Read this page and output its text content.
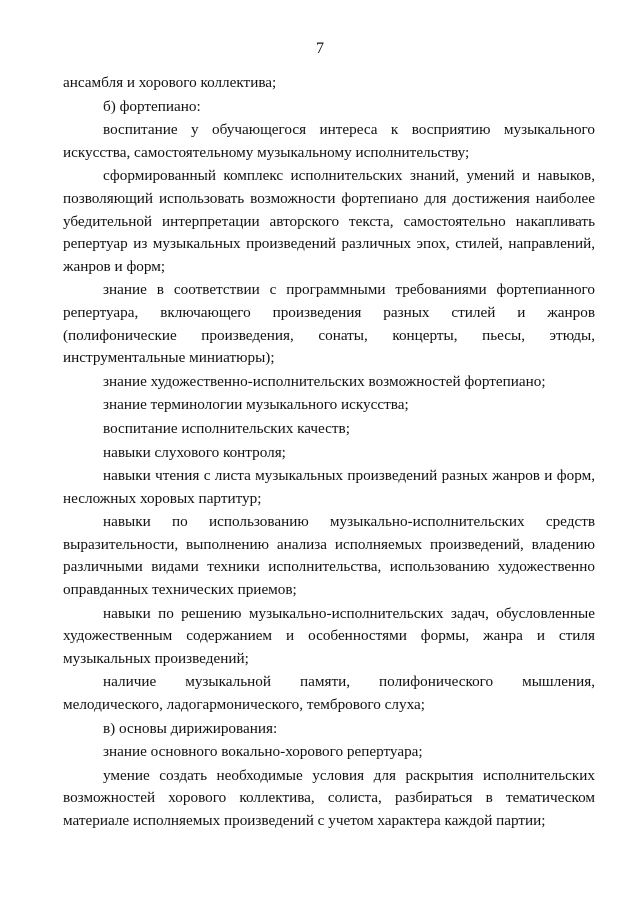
7

ансамбля и хорового коллектива;

б) фортепиано:

воспитание у обучающегося интереса к восприятию музыкального искусства, самостоятельному музыкальному исполнительству;

сформированный комплекс исполнительских знаний, умений и навыков, позволяющий использовать возможности фортепиано для достижения наиболее убедительной интерпретации авторского текста, самостоятельно накапливать репертуар из музыкальных произведений различных эпох, стилей, направлений, жанров и форм;

знание в соответствии с программными требованиями фортепианного репертуара, включающего произведения разных стилей и жанров (полифонические произведения, сонаты, концерты, пьесы, этюды, инструментальные миниатюры);

знание художественно-исполнительских возможностей фортепиано;

знание терминологии музыкального искусства;

воспитание исполнительских качеств;

навыки слухового контроля;

навыки чтения с листа музыкальных произведений разных жанров и форм, несложных хоровых партитур;

навыки по использованию музыкально-исполнительских средств выразительности, выполнению анализа исполняемых произведений, владению различными видами техники исполнительства, использованию художественно оправданных технических приемов;

навыки по решению музыкально-исполнительских задач, обусловленные художественным содержанием и особенностями формы, жанра и стиля музыкальных произведений;

наличие музыкальной памяти, полифонического мышления, мелодического, ладогармонического, тембрового слуха;

в) основы дирижирования:

знание основного вокально-хорового репертуара;

умение создать необходимые условия для раскрытия исполнительских возможностей хорового коллектива, солиста, разбираться в тематическом материале исполняемых произведений с учетом характера каждой партии;
